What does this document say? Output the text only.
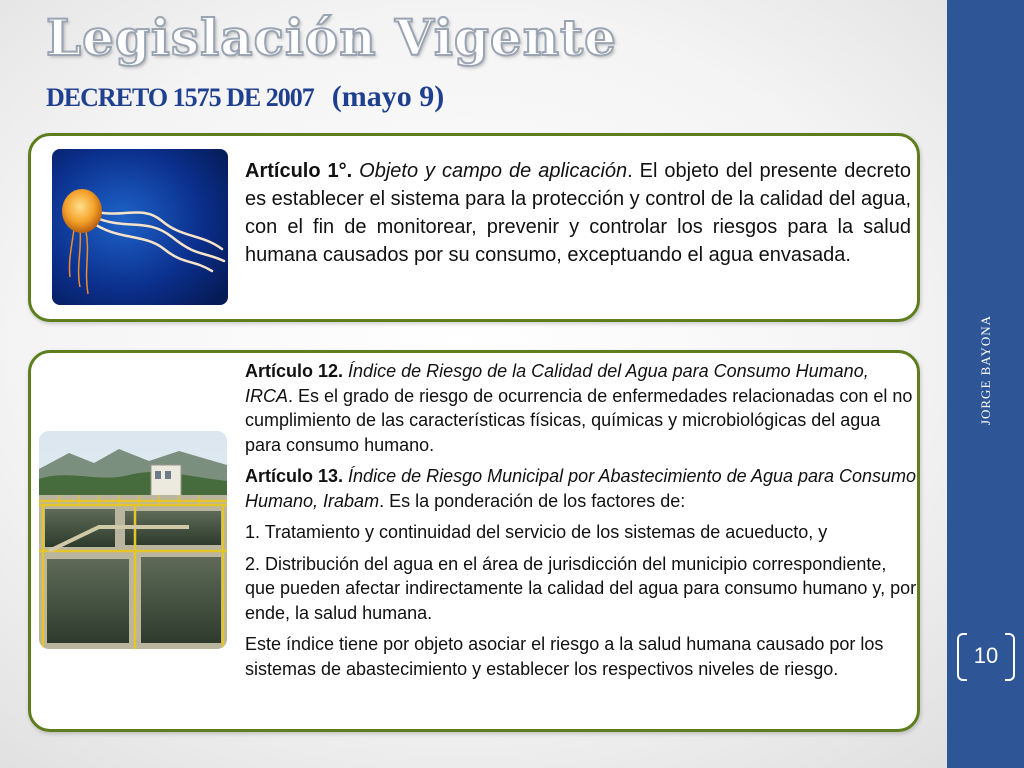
Legislación Vigente
DECRETO 1575 DE 2007 (mayo 9)
Artículo 1°. Objeto y campo de aplicación. El objeto del presente decreto es establecer el sistema para la protección y control de la calidad del agua, con el fin de monitorear, prevenir y controlar los riesgos para la salud humana causados por su consumo, exceptuando el agua envasada.

Artículo 12. Índice de Riesgo de la Calidad del Agua para Consumo Humano, IRCA. Es el grado de riesgo de ocurrencia de enfermedades relacionadas con el no cumplimiento de las características físicas, químicas y microbiológicas del agua para consumo humano.

Artículo 13. Índice de Riesgo Municipal por Abastecimiento de Agua para Consumo Humano, Irabam. Es la ponderación de los factores de:

1. Tratamiento y continuidad del servicio de los sistemas de acueducto, y

2. Distribución del agua en el área de jurisdicción del municipio correspondiente, que pueden afectar indirectamente la calidad del agua para consumo humano y, por ende, la salud humana.

Este índice tiene por objeto asociar el riesgo a la salud humana causado por los sistemas de abastecimiento y establecer los respectivos niveles de riesgo.

JORGE BAYONA
10
